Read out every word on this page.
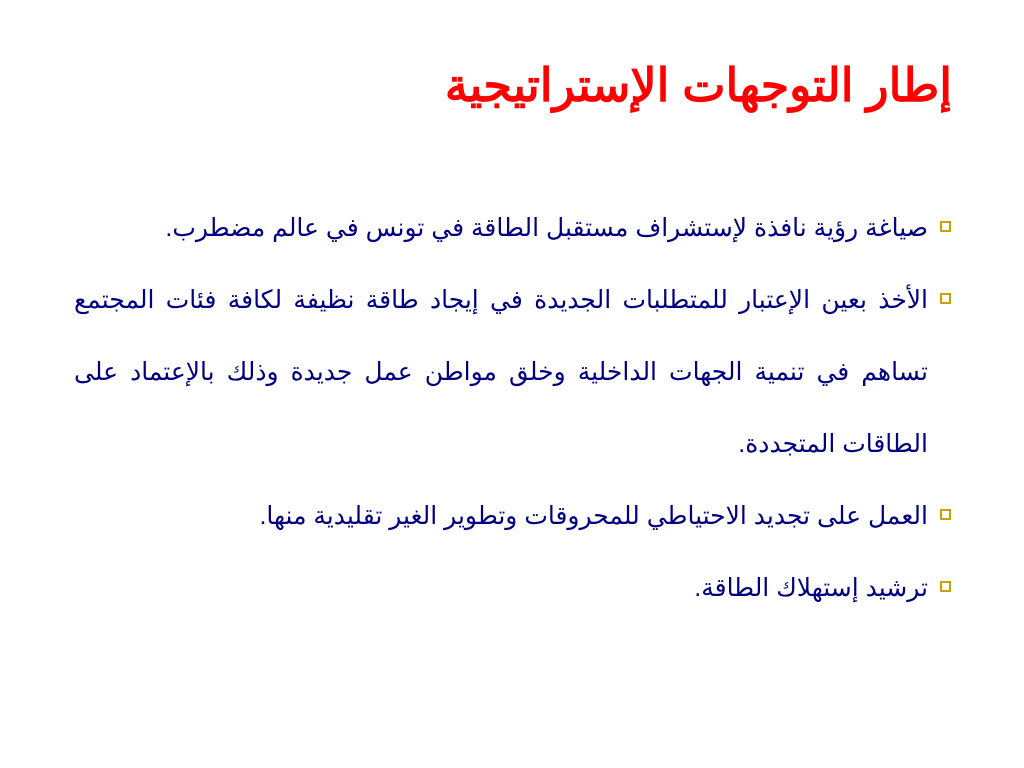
إطار التوجهات الإستراتيجية
صياغة رؤية نافذة لإستشراف مستقبل الطاقة في تونس في عالم مضطرب.
الأخذ بعين الإعتبار للمتطلبات الجديدة في إيجاد طاقة نظيفة لكافة فئات المجتمع تساهم في تنمية الجهات الداخلية وخلق مواطن عمل جديدة وذلك بالإعتماد على الطاقات المتجددة.
العمل على تجديد الاحتياطي للمحروقات وتطوير الغير تقليدية منها.
ترشيد إستهلاك الطاقة.
